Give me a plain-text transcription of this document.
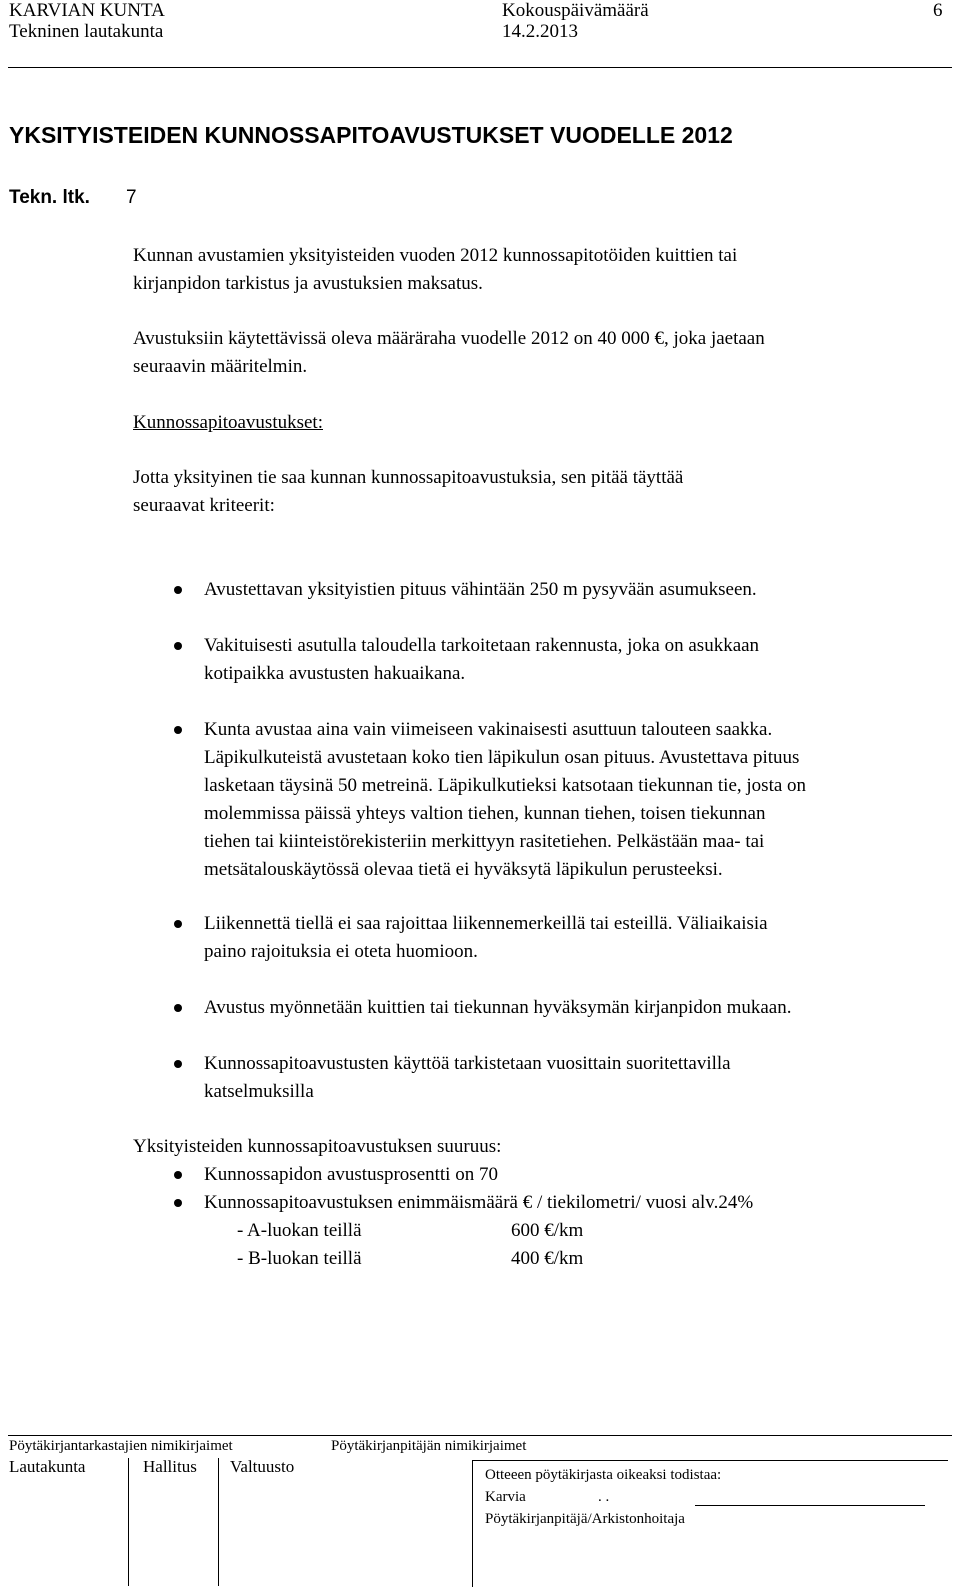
KARVIAN KUNTA
Tekninen lautakunta
Kokouspäivämäärä
14.2.2013
6
YKSITYISTEIDEN KUNNOSSAPITOAVUSTUKSET VUODELLE 2012
Tekn. ltk. 7
Kunnan avustamien yksityisteiden vuoden 2012 kunnossapitotöiden kuittien tai
kirjanpidon tarkistus ja avustuksien maksatus.
Avustuksiin käytettävissä oleva määräraha vuodelle 2012 on 40 000 €, joka jaetaan
seuraavin määritelmin.
Kunnossapitoavustukset:
Jotta yksityinen tie saa kunnan kunnossapitoavustuksia, sen pitää täyttää
seuraavat kriteerit:
Avustettavan yksityistien pituus vähintään 250 m pysyvään asumukseen.
Vakituisesti asutulla taloudella tarkoitetaan rakennusta, joka on asukkaan
kotipaikka avustusten hakuaikana.
Kunta avustaa aina vain viimeiseen vakinaisesti asuttuun talouteen saakka.
Läpikulkuteistä avustetaan koko tien läpikulun osan pituus. Avustettava pituus
lasketaan täysinä 50 metreinä. Läpikulkutieksi katsotaan tiekunnan tie, josta on
molemmissa päissä yhteys valtion tiehen, kunnan tiehen, toisen tiekunnan
tiehen tai kiinteistörekisteriin merkittyyn rasitetiehen. Pelkästään maa- tai
metsätalouskäytössä olevaa tietä ei hyväksytä läpikulun perusteeksi.
Liikennettä tiellä ei saa rajoittaa liikennemerkeillä tai esteillä. Väliaikaisia
paino rajoituksia ei oteta huomioon.
Avustus myönnetään kuittien tai tiekunnan hyväksymän kirjanpidon mukaan.
Kunnossapitoavustusten käyttöä tarkistetaan vuosittain suoritettavilla
katselmuksilla
Yksityisteiden kunnossapitoavustuksen suuruus:
Kunnossapidon avustusprosentti on 70
Kunnossapitoavustuksen enimmäismäärä € / tiekilometri/ vuosi alv.24%
- A-luokan teillä	600 €/km
- B-luokan teillä	400 €/km
Pöytäkirjantarkastajien nimikirjaimet	Pöytäkirjanpitäjän nimikirjaimet
Lautakunta	Hallitus Valtuusto	Otteeen pöytäkirjasta oikeaksi todistaa:
Karvia	. .
Pöytäkirjanpitäjä/Arkistonhoitaja
